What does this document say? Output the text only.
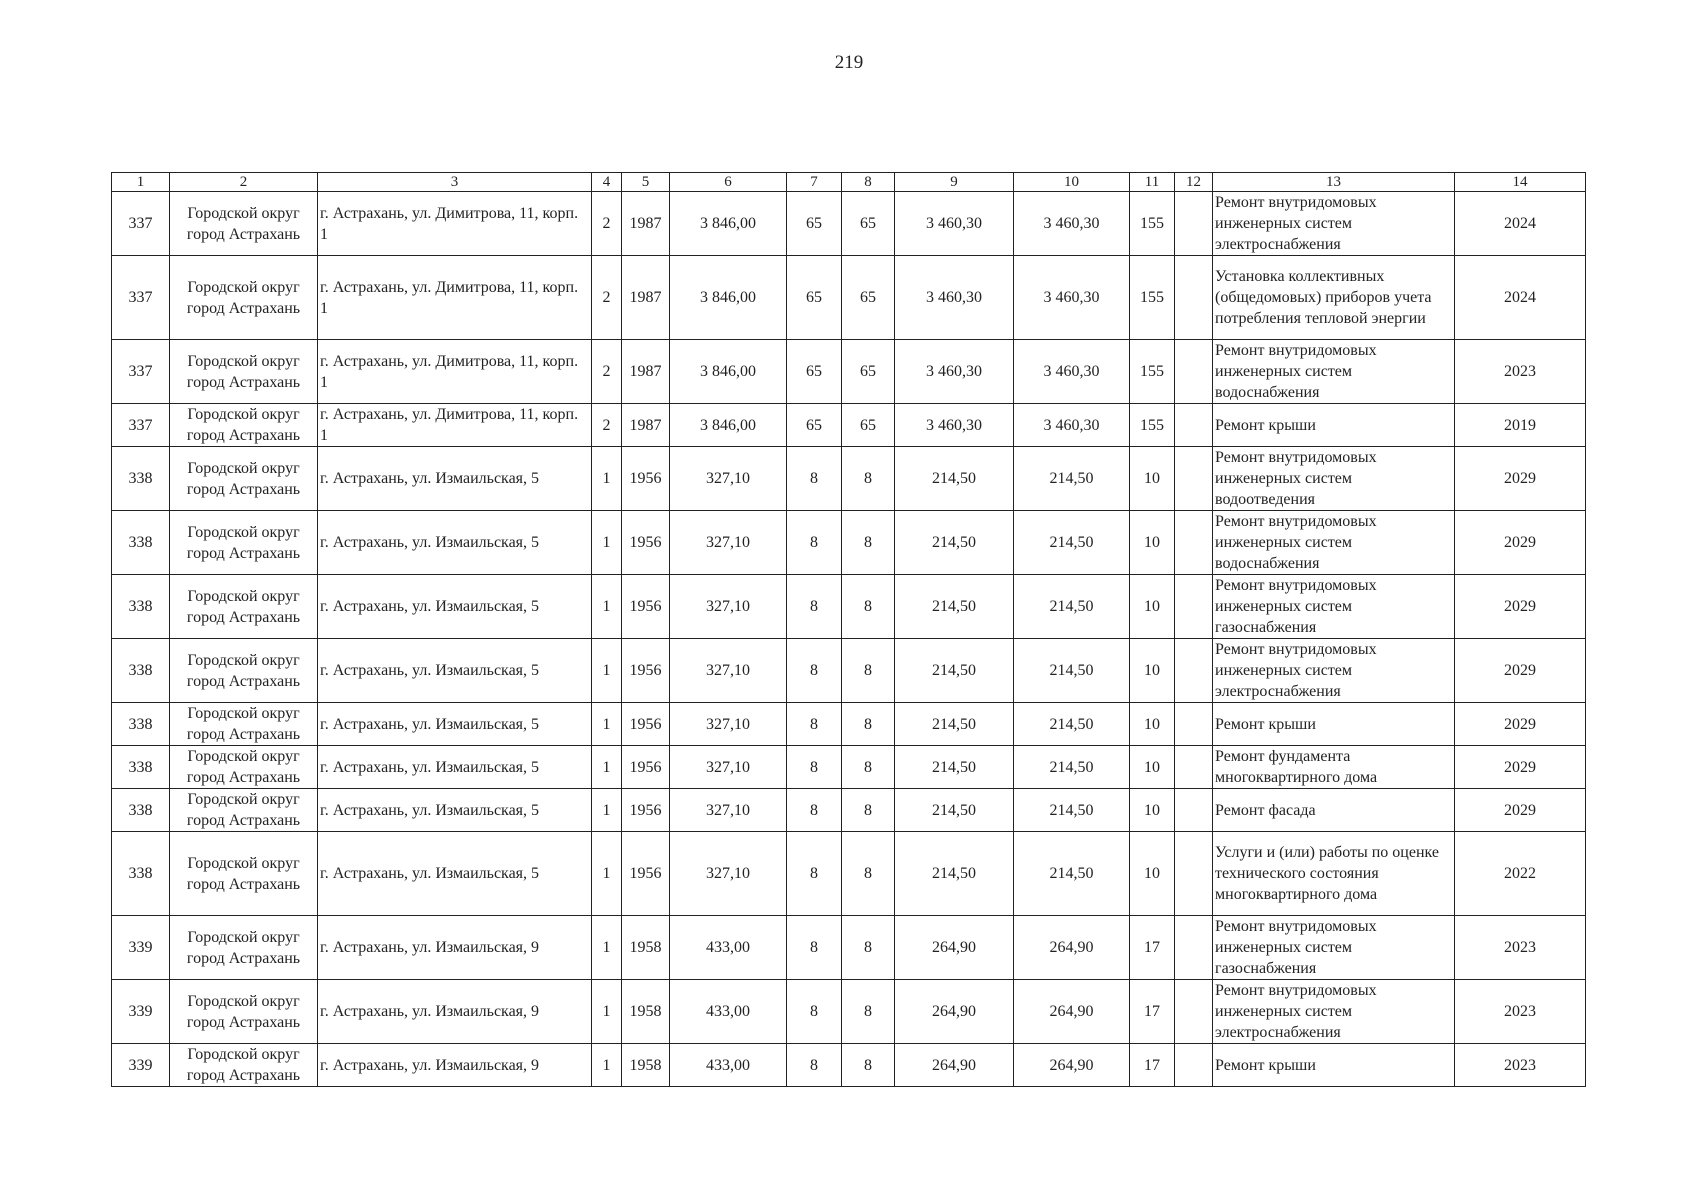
219
1	2	3	4	5	6	7	8	9	10	11	12	13	14
337	Городской округ город Астрахань	г. Астрахань, ул. Димитрова, 11, корп. 1	2	1987	3 846,00	65	65	3 460,30	3 460,30	155		Ремонт внутридомовых инженерных систем электроснабжения	2024
337	Городской округ город Астрахань	г. Астрахань, ул. Димитрова, 11, корп. 1	2	1987	3 846,00	65	65	3 460,30	3 460,30	155		Установка коллективных (общедомовых) приборов учета потребления тепловой энергии	2024
337	Городской округ город Астрахань	г. Астрахань, ул. Димитрова, 11, корп. 1	2	1987	3 846,00	65	65	3 460,30	3 460,30	155		Ремонт внутридомовых инженерных систем водоснабжения	2023
337	Городской округ город Астрахань	г. Астрахань, ул. Димитрова, 11, корп. 1	2	1987	3 846,00	65	65	3 460,30	3 460,30	155		Ремонт крыши	2019
338	Городской округ город Астрахань	г. Астрахань, ул. Измаильская, 5	1	1956	327,10	8	8	214,50	214,50	10		Ремонт внутридомовых инженерных систем водоотведения	2029
338	Городской округ город Астрахань	г. Астрахань, ул. Измаильская, 5	1	1956	327,10	8	8	214,50	214,50	10		Ремонт внутридомовых инженерных систем водоснабжения	2029
338	Городской округ город Астрахань	г. Астрахань, ул. Измаильская, 5	1	1956	327,10	8	8	214,50	214,50	10		Ремонт внутридомовых инженерных систем газоснабжения	2029
338	Городской округ город Астрахань	г. Астрахань, ул. Измаильская, 5	1	1956	327,10	8	8	214,50	214,50	10		Ремонт внутридомовых инженерных систем электроснабжения	2029
338	Городской округ город Астрахань	г. Астрахань, ул. Измаильская, 5	1	1956	327,10	8	8	214,50	214,50	10		Ремонт крыши	2029
338	Городской округ город Астрахань	г. Астрахань, ул. Измаильская, 5	1	1956	327,10	8	8	214,50	214,50	10		Ремонт фундамента многоквартирного дома	2029
338	Городской округ город Астрахань	г. Астрахань, ул. Измаильская, 5	1	1956	327,10	8	8	214,50	214,50	10		Ремонт фасада	2029
338	Городской округ город Астрахань	г. Астрахань, ул. Измаильская, 5	1	1956	327,10	8	8	214,50	214,50	10		Услуги и (или) работы по оценке технического состояния многоквартирного дома	2022
339	Городской округ город Астрахань	г. Астрахань, ул. Измаильская, 9	1	1958	433,00	8	8	264,90	264,90	17		Ремонт внутридомовых инженерных систем газоснабжения	2023
339	Городской округ город Астрахань	г. Астрахань, ул. Измаильская, 9	1	1958	433,00	8	8	264,90	264,90	17		Ремонт внутридомовых инженерных систем электроснабжения	2023
339	Городской округ город Астрахань	г. Астрахань, ул. Измаильская, 9	1	1958	433,00	8	8	264,90	264,90	17		Ремонт крыши	2023
